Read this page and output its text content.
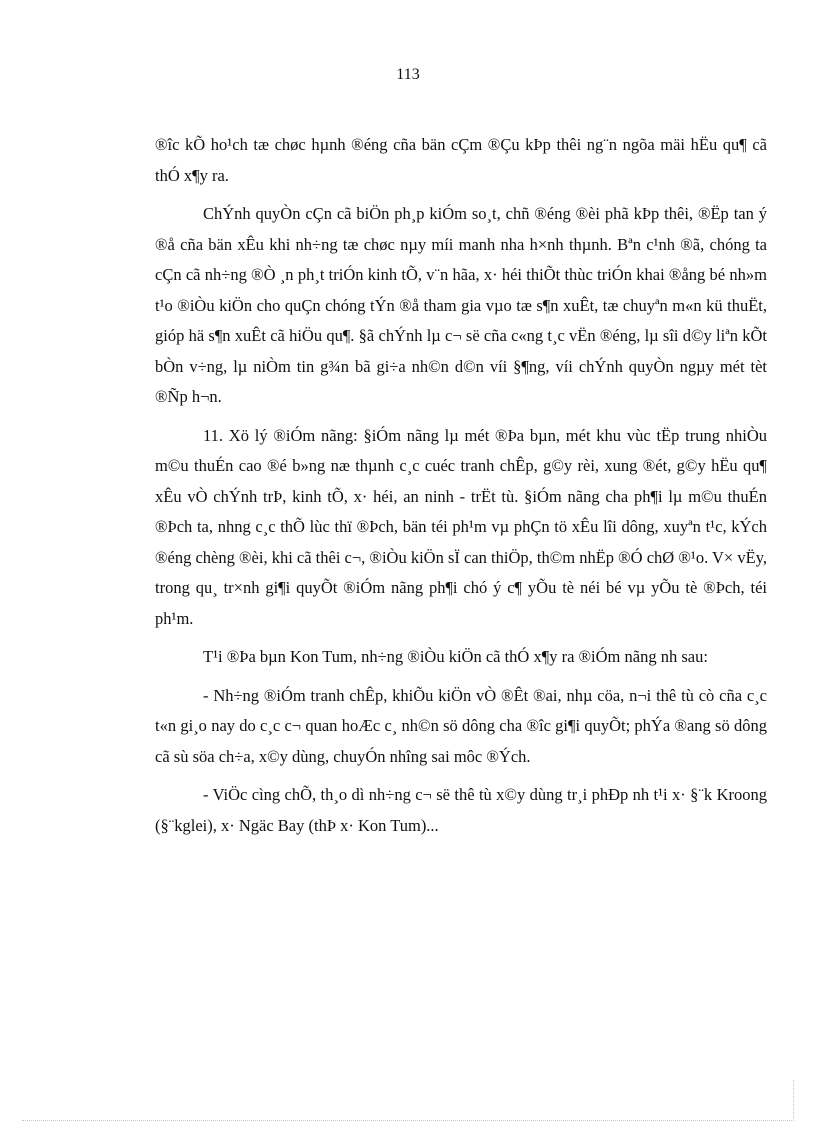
113

®îc kÕ ho¹ch tæ chøc hµnh ®éng cña bän cÇm ®Çu kÞp thêi ng¨n ngõa mäi hËu qu¶ cã thÓ x¶y ra.

ChÝnh quyÒn cÇn cã biÖn ph¸p kiÓm so¸t, chñ ®éng ®èi phã kÞp thêi, ®Ëp tan ý ®å cña bän xÊu khi nh÷ng tæ chøc nµy míi manh nha h×nh thµnh. Bªn c¹nh ®ã, chóng ta cÇn cã nh÷ng ®Ò ¸n ph¸t triÓn kinh tÕ, v¨n hãa, x· héi thiÕt thùc triÓn khai ®ång bé nh»m t¹o ®iÒu kiÖn cho quÇn chóng tÝn ®å tham gia vµo tæ s¶n xuÊt, tæ chuyªn m«n kü thuËt, gióp hä s¶n xuÊt cã hiÖu qu¶. §ã chÝnh lµ c¬ së cña c«ng t¸c vËn ®éng, lµ sîi d©y liªn kÕt bÒn v÷ng, lµ niÒm tin g¾n bã gi÷a nh©n d©n víi §¶ng, víi chÝnh quyÒn ngµy mét tèt ®Ñp h¬n.

11. Xö lý ®iÓm nãng: §iÓm nãng lµ mét ®Þa bµn, mét khu vùc tËp trung nhiÒu m©u thuÉn cao ®é b»ng næ thµnh c¸c cuéc tranh chÊp, g©y rèi, xung ®ét, g©y hËu qu¶ xÊu vÒ chÝnh trÞ, kinh tÕ, x· héi, an ninh - trËt tù. §iÓm nãng cha ph¶i lµ m©u thuÉn ®Þch ta, nhng c¸c thÕ lùc thï ®Þch, bän téi ph¹m vµ phÇn tö xÊu lîi dông, xuyªn t¹c, kÝch ®éng chèng ®èi, khi cã thêi c¬, ®iÒu kiÖn sÏ can thiÖp, th©m nhËp ®Ó chØ ®¹o. V× vËy, trong qu¸ tr×nh gi¶i quyÕt ®iÓm nãng ph¶i chó ý c¶ yÕu tè néi bé vµ yÕu tè ®Þch, téi ph¹m.

T¹i ®Þa bµn Kon Tum, nh÷ng ®iÒu kiÖn cã thÓ x¶y ra ®iÓm nãng nh sau:

- Nh÷ng ®iÓm tranh chÊp, khiÕu kiÖn vÒ ®Êt ®ai, nhµ cöa, n¬i thê tù cò cña c¸c t«n gi¸o nay do c¸c c¬ quan hoÆc c¸ nh©n sö dông cha ®îc gi¶i quyÕt; phÝa ®ang sö dông cã sù söa ch÷a, x©y dùng, chuyÓn nhîng sai môc ®Ých.

- ViÖc cìng chÕ, th¸o dì nh÷ng c¬ së thê tù x©y dùng tr¸i phÐp nh t¹i x· §¨k Kroong (§¨kglei), x· Ngäc Bay (thÞ x· Kon Tum)...
